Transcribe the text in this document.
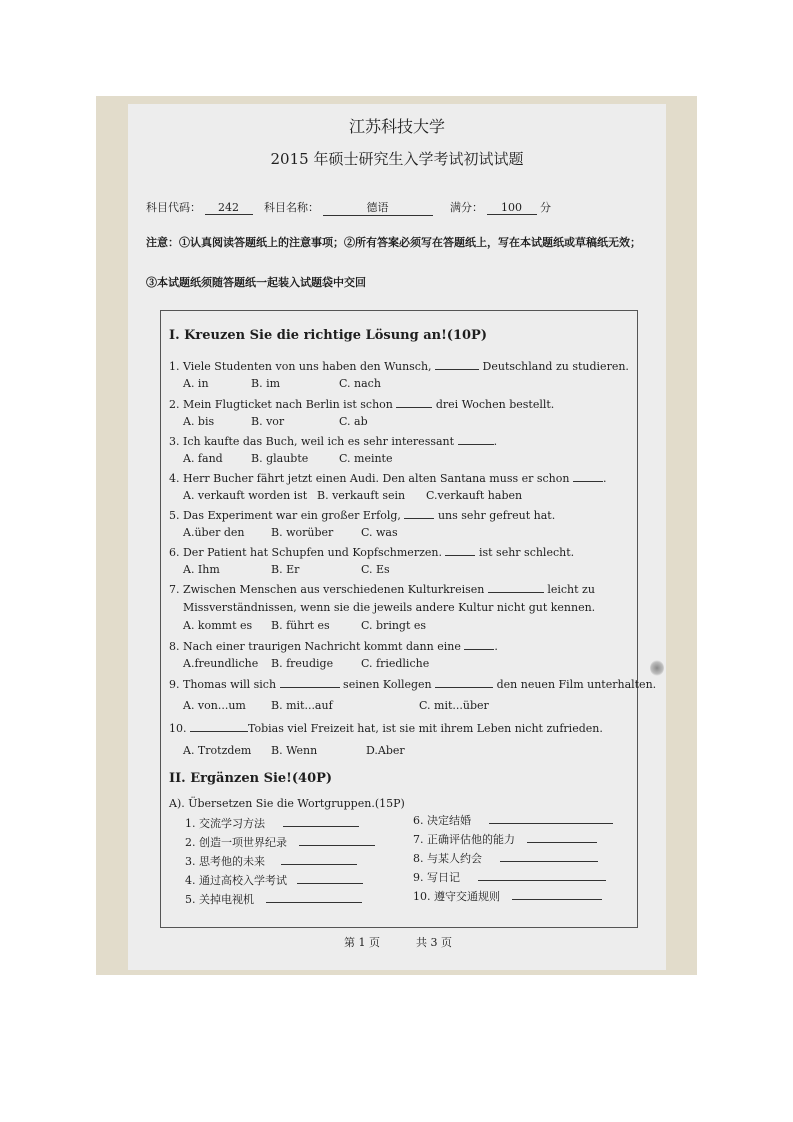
江苏科技大学
2015 年硕士研究生入学考试初试试题
科目代码： 242	科目名称：	德语	满分： 100 分
注意：①认真阅读答题纸上的注意事项；②所有答案必须写在答题纸上，写在本试题纸或草稿纸无效；
③本试题纸须随答题纸一起装入试题袋中交回
I. Kreuzen Sie die richtige Lösung an!(10P)
1. Viele Studenten von uns haben den Wunsch,	Deutschland zu studieren.
A. in	B. im	C. nach
2. Mein Flugticket nach Berlin ist schon	drei Wochen bestellt.
A. bis	B. vor	C. ab
3. Ich kaufte das Buch, weil ich es sehr interessant	.
A. fand	B. glaubte	C. meinte
4. Herr Bucher fährt jetzt einen Audi. Den alten Santana muss er schon	.
A. verkauft worden ist B. verkauft sein C.verkauft haben
5. Das Experiment war ein großer Erfolg,	uns sehr gefreut hat.
A.über den B. worüber	C. was
6. Der Patient hat Schupfen und Kopfschmerzen.	ist sehr schlecht.
A. Ihm	B. Er	C. Es
7. Zwischen Menschen aus verschiedenen Kulturkreisen	leicht zu
Missverständnissen, wenn sie die jeweils andere Kultur nicht gut kennen.
A. kommt es B. führt es	C. bringt es
8. Nach einer traurigen Nachricht kommt dann eine	.
A.freundliche B. freudige	C. friedliche
9. Thomas will sich	seinen Kollegen	den neuen Film unterhalten.
A. von...um B. mit...auf	C. mit...über
10.	Tobias viel Freizeit hat, ist sie mit ihrem Leben nicht zufrieden.
A. Trotzdem B. Wenn	D.Aber
II. Ergänzen Sie!(40P)
A). Übersetzen Sie die Wortgruppen.(15P)
1. 交流学习方法
2. 创造一项世界纪录
3. 思考他的未来
4. 通过高校入学考试
5. 关掉电视机
6. 决定结婚
7. 正确评估他的能力
8. 与某人约会
9. 写日记
10. 遵守交通规则
第 1 页	共 3 页
